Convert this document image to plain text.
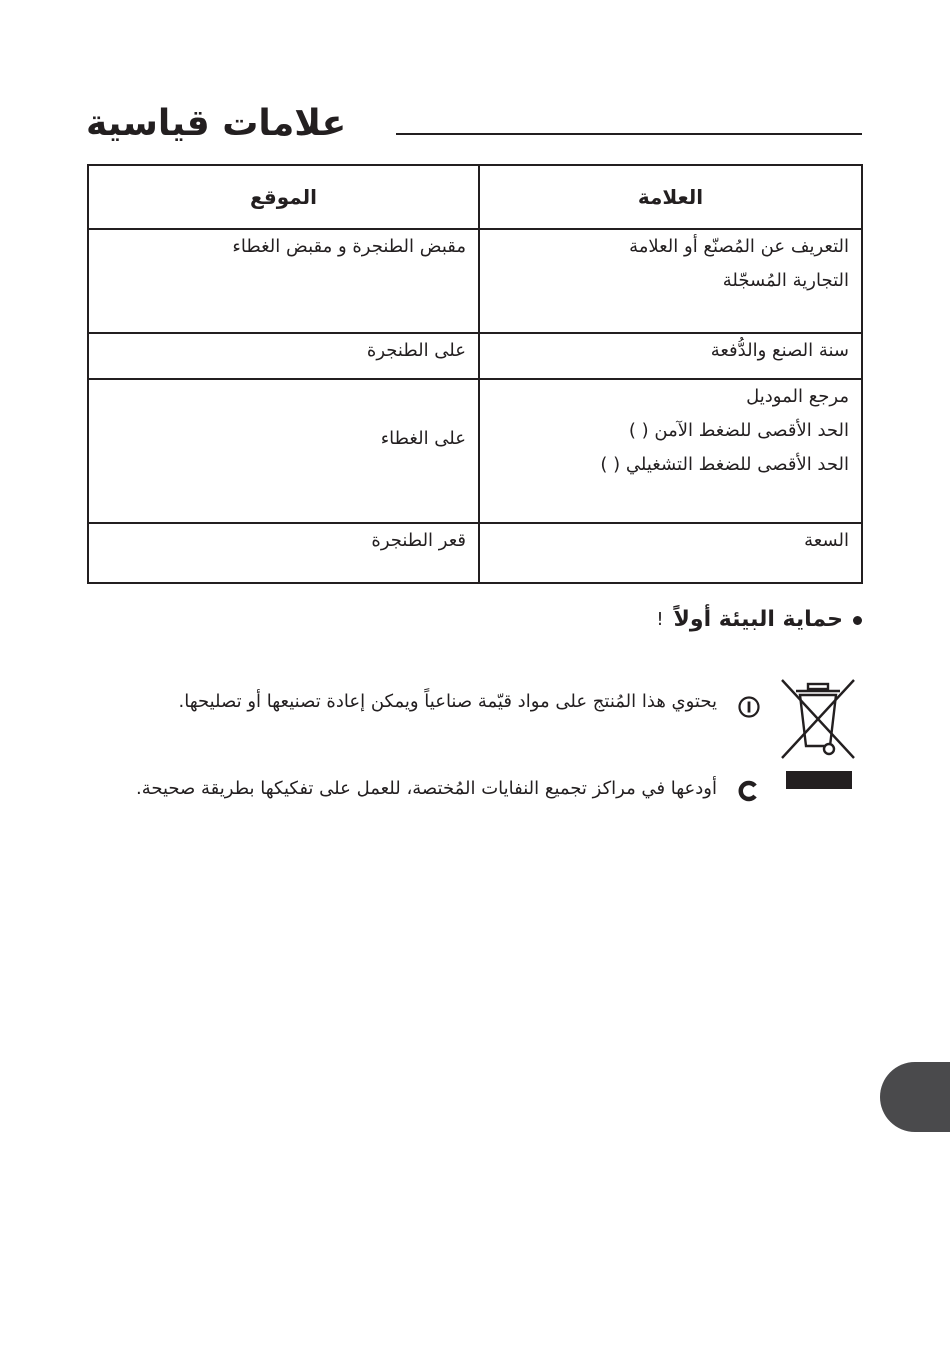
علامات قياسية
العلامة	الموقع

التعريف عن المُصنّع أو العلامة
التجارية المُسجّلة	مقبض الطنجرة و مقبض الغطاء

سنة الصنع والدُّفعة	على الطنجرة

مرجع الموديل
الحد الأقصى للضغط الآمن ( )
الحد الأقصى للضغط التشغيلي ( )	على الغطاء

السعة	قعر الطنجرة
حماية البيئة أولاً
!
يحتوي هذا المُنتج على مواد قيّمة صناعياً ويمكن إعادة تصنيعها أو تصليحها.
أودعها في مراكز تجميع النفايات المُختصة، للعمل على تفكيكها بطريقة صحيحة.
